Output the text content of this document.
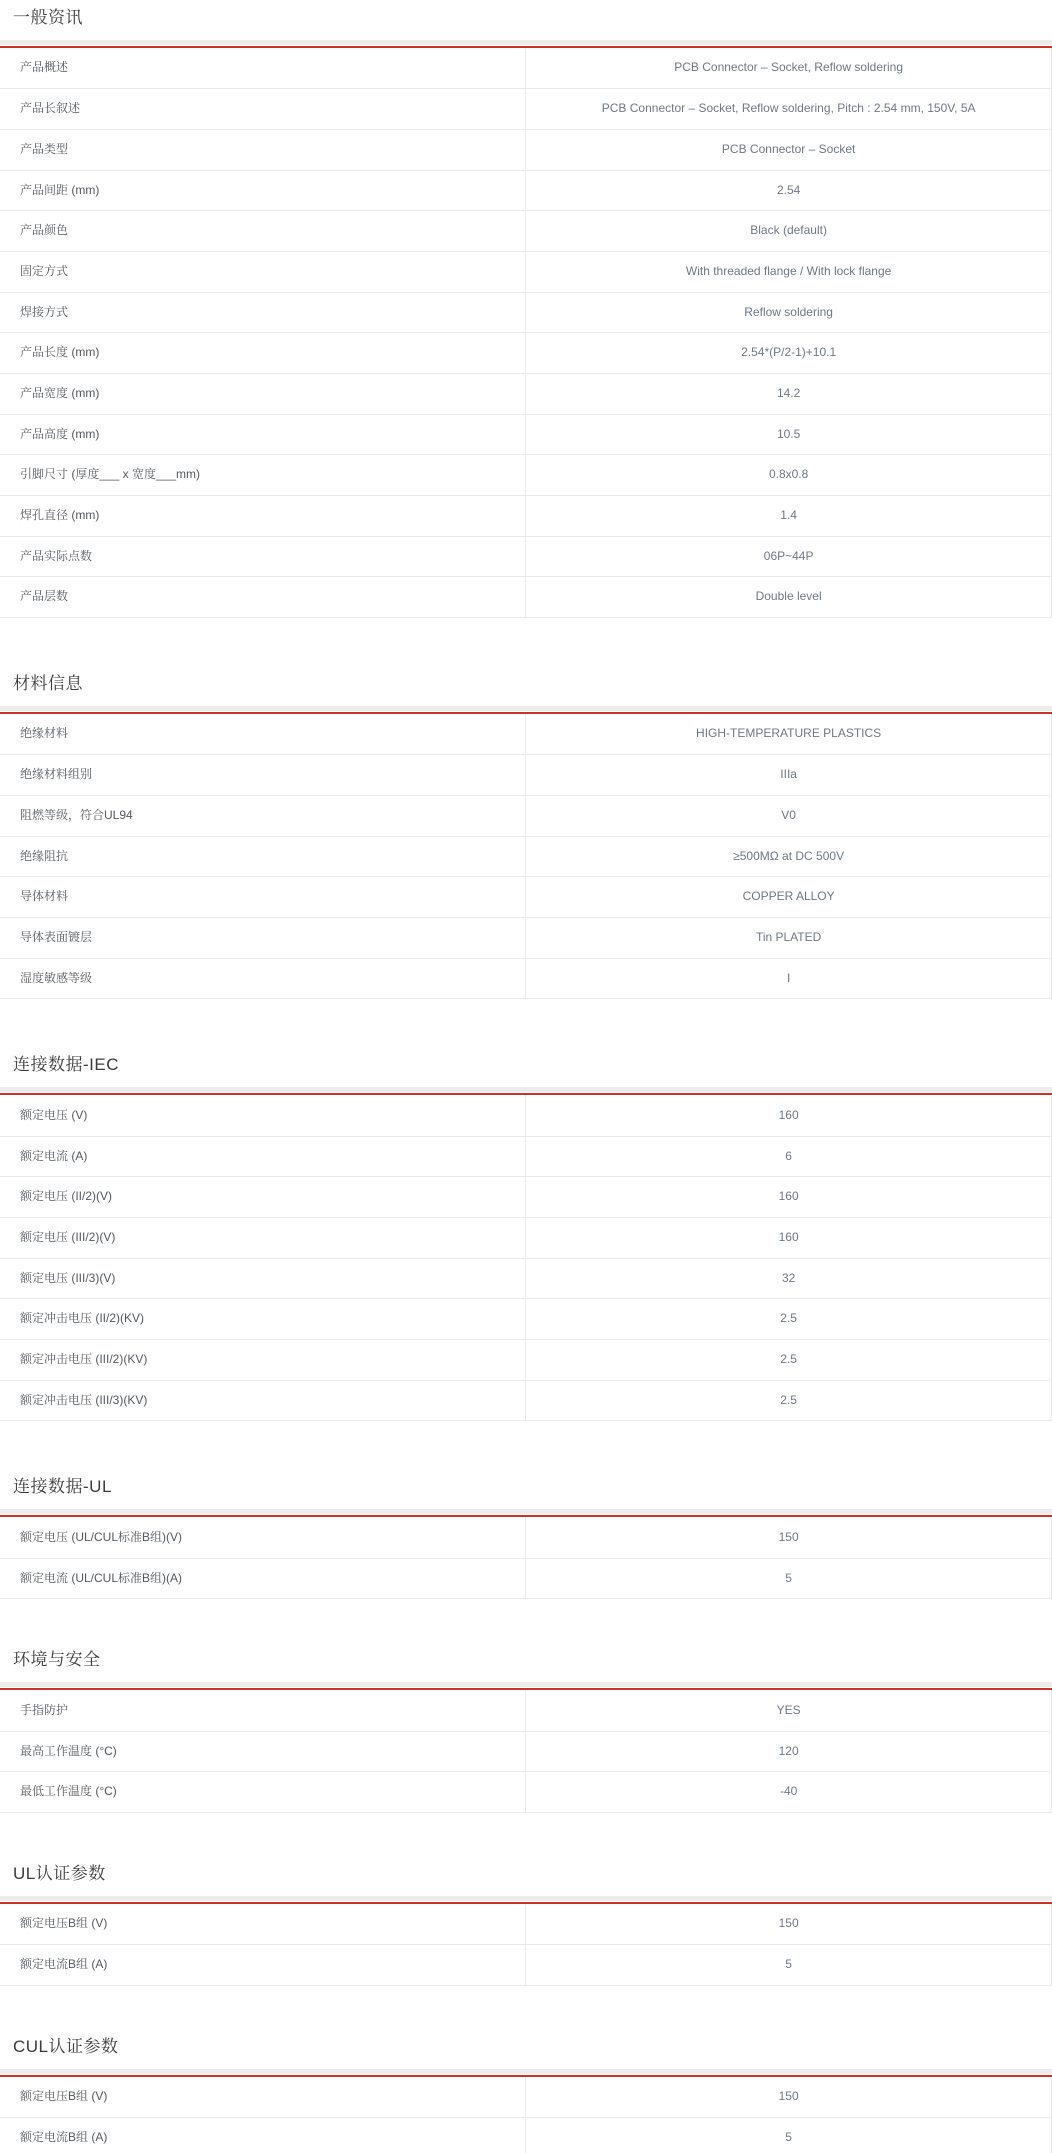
一般资讯
产品概述	PCB Connector – Socket, Reflow soldering
产品长叙述	PCB Connector – Socket, Reflow soldering, Pitch : 2.54 mm, 150V, 5A
产品类型	PCB Connector – Socket
产品间距 (mm)	2.54
产品颜色	Black (default)
固定方式	With threaded flange / With lock flange
焊接方式	Reflow soldering
产品长度 (mm)	2.54*(P/2-1)+10.1
产品宽度 (mm)	14.2
产品高度 (mm)	10.5
引脚尺寸 (厚度___ x 宽度___mm)	0.8x0.8
焊孔直径 (mm)	1.4
产品实际点数	06P~44P
产品层数	Double level
材料信息
绝缘材料	HIGH-TEMPERATURE PLASTICS
绝缘材料组别	IIIa
阻燃等级，符合UL94	V0
绝缘阻抗	≥500MΩ at DC 500V
导体材料	COPPER ALLOY
导体表面镀层	Tin PLATED
湿度敏感等级	I
连接数据-IEC
额定电压 (V)	160
额定电流 (A)	6
额定电压 (II/2)(V)	160
额定电压 (III/2)(V)	160
额定电压 (III/3)(V)	32
额定冲击电压 (II/2)(KV)	2.5
额定冲击电压 (III/2)(KV)	2.5
额定冲击电压 (III/3)(KV)	2.5
连接数据-UL
额定电压 (UL/CUL标准B组)(V)	150
额定电流 (UL/CUL标准B组)(A)	5
环境与安全
手指防护	YES
最高工作温度 (°C)	120
最低工作温度 (°C)	-40
UL认证参数
额定电压B组 (V)	150
额定电流B组 (A)	5
CUL认证参数
额定电压B组 (V)	150
额定电流B组 (A)	5
